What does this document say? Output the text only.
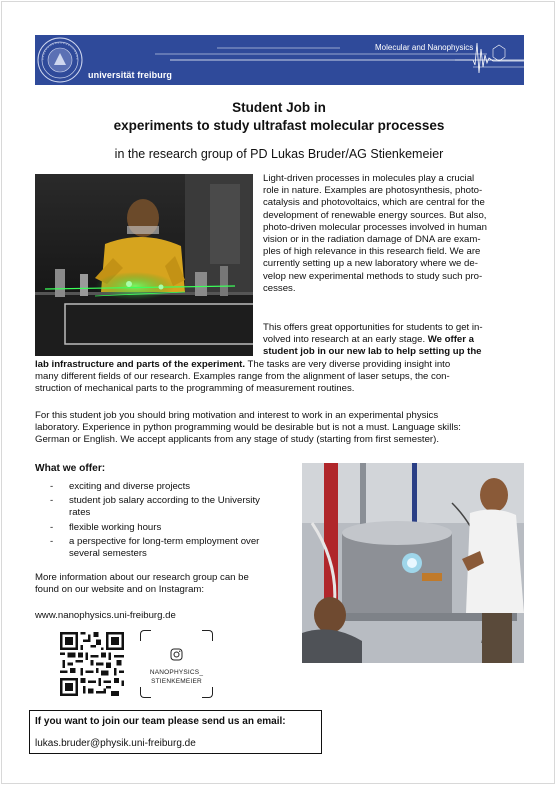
universität freiburg
Molecular and Nanophysics
Student Job in
experiments to study ultrafast molecular processes
in the research group of PD Lukas Bruder/AG Stienkemeier
Light-driven processes in molecules play a crucial
role in nature. Examples are photosynthesis, photo-
catalysis and photovoltaics, which are central for the
development of renewable energy sources. But also,
photo-driven molecular processes involved in human
vision or in the radiation damage of DNA are exam-
ples of high relevance in this research field. We are
currently setting up a new laboratory where we de-
velop new experimental methods to study such pro-
cesses.
This offers great opportunities for students to get in-
volved into research at an early stage. We offer a
student job in our new lab to help setting up the
lab infrastructure and parts of the experiment. The tasks are very diverse providing insight into
many different fields of our research. Examples range from the alignment of laser setups, the con-
struction of mechanical parts to the programming of measurement routines.
For this student job you should bring motivation and interest to work in an experimental physics
laboratory. Experience in python programming would be desirable but is not a must. Language skills:
German or English. We accept applicants from any stage of study (starting from first semester).
What we offer:
- exciting and diverse projects
- student job salary according to the University
rates
- flexible working hours
- a perspective for long-term employment over
several semesters
More information about our research group can be
found on our website and on Instagram:
www.nanophysics.uni-freiburg.de
NANOPHYSICS_
STIENKEMEIER
If you want to join our team please send us an email:
lukas.bruder@physik.uni-freiburg.de
